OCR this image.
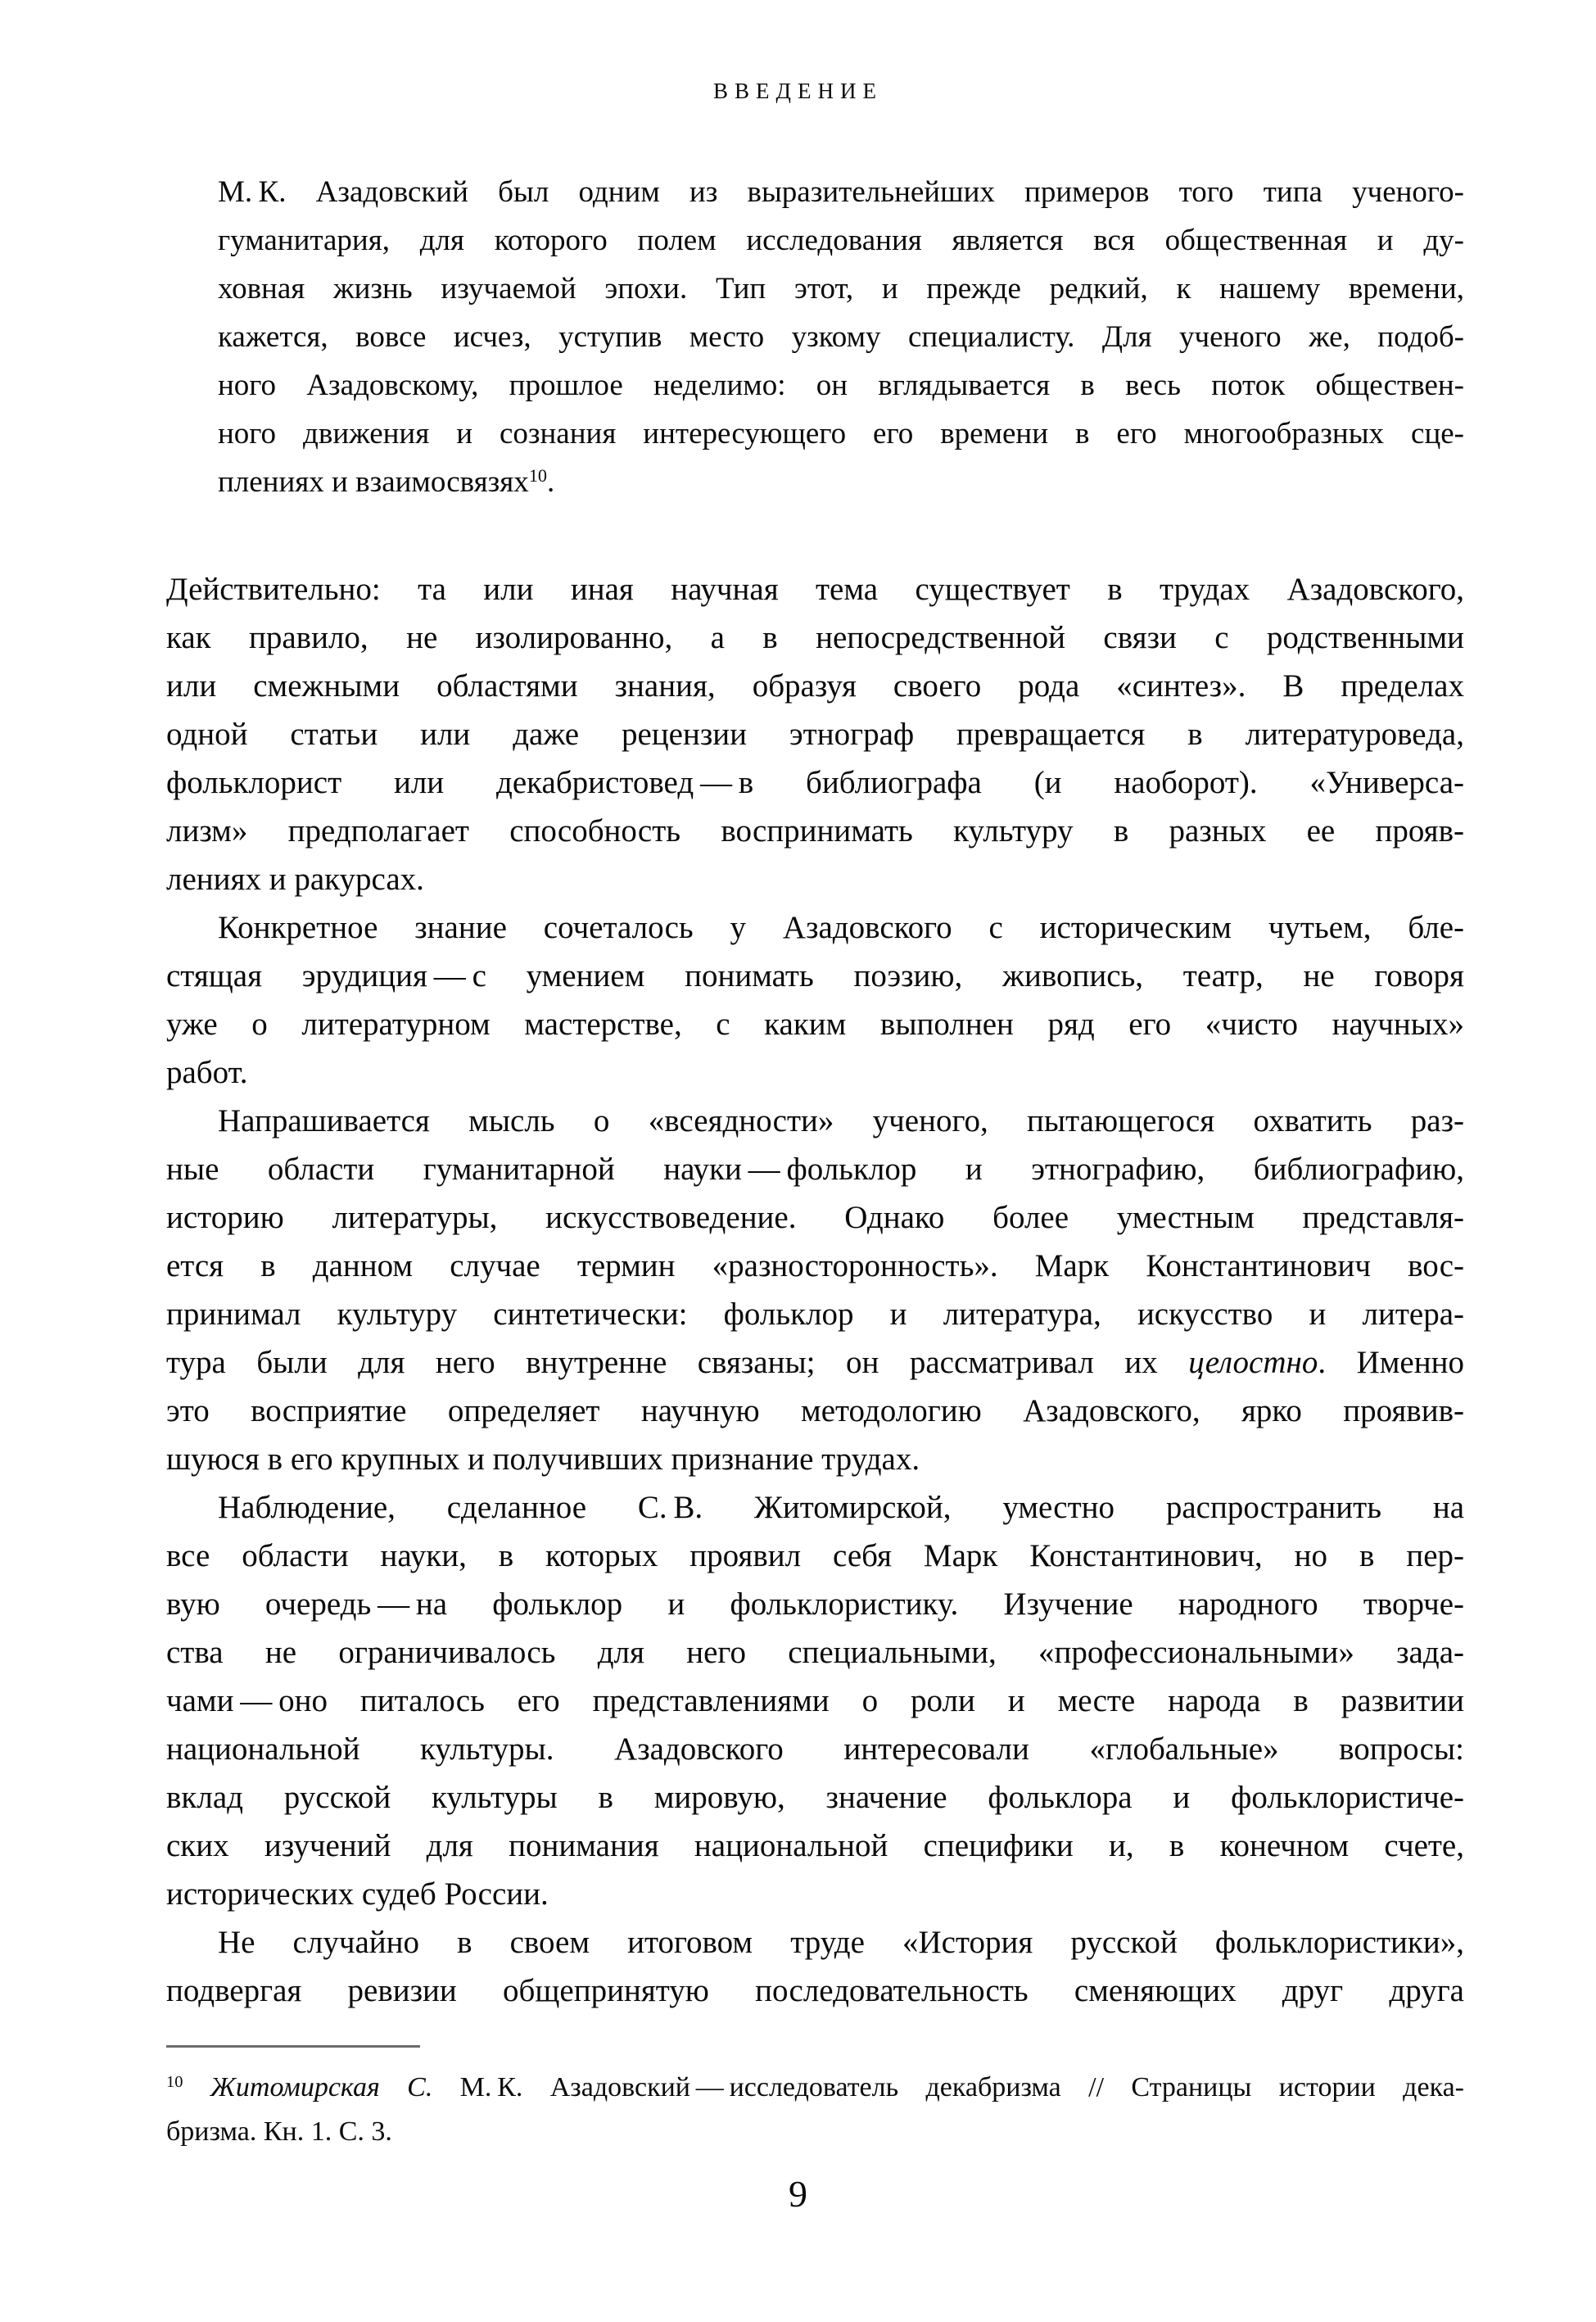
ВВЕДЕНИЕ
М. К. Азадовский был одним из выразительнейших примеров того типа ученого-
гуманитария, для которого полем исследования является вся общественная и ду-
ховная жизнь изучаемой эпохи. Тип этот, и прежде редкий, к нашему времени,
кажется, вовсе исчез, уступив место узкому специалисту. Для ученого же, подоб-
ного Азадовскому, прошлое неделимо: он вглядывается в весь поток обществен-
ного движения и сознания интересующего его времени в его многообразных сце-
плениях и взаимосвязях$^{10}$.
Действительно: та или иная научная тема существует в трудах Азадовского,
как правило, не изолированно, а в непосредственной связи с родственными
или смежными областями знания, образуя своего рода «синтез». В пределах
одной статьи или даже рецензии этнограф превращается в литературоведа,
фольклорист или декабристовед — в библиографа (и наоборот). «Универса-
лизм» предполагает способность воспринимать культуру в разных ее прояв-
лениях и ракурсах.
Конкретное знание сочеталось у Азадовского с историческим чутьем, бле-
стящая эрудиция — с умением понимать поэзию, живопись, театр, не говоря
уже о литературном мастерстве, с каким выполнен ряд его «чисто научных»
работ.
Напрашивается мысль о «всеядности» ученого, пытающегося охватить раз-
ные области гуманитарной науки — фольклор и этнографию, библиографию,
историю литературы, искусствоведение. Однако более уместным представля-
ется в данном случае термин «разносторонность». Марк Константинович вос-
принимал культуру синтетически: фольклор и литература, искусство и литера-
тура были для него внутренне связаны; он рассматривал их целостно. Именно
это восприятие определяет научную методологию Азадовского, ярко проявив-
шуюся в его крупных и получивших признание трудах.
Наблюдение, сделанное С. В. Житомирской, уместно распространить на
все области науки, в которых проявил себя Марк Константинович, но в пер-
вую очередь — на фольклор и фольклористику. Изучение народного творче-
ства не ограничивалось для него специальными, «профессиональными» зада-
чами — оно питалось его представлениями о роли и месте народа в развитии
национальной культуры. Азадовского интересовали «глобальные» вопросы:
вклад русской культуры в мировую, значение фольклора и фольклористиче-
ских изучений для понимания национальной специфики и, в конечном счете,
исторических судеб России.
Не случайно в своем итоговом труде «История русской фольклористики»,
подвергая ревизии общепринятую последовательность сменяющих друг друга
$^{10}$ Житомирская С. М. К. Азадовский — исследователь декабризма // Страницы истории дека-
бризма. Кн. 1. С. 3.
9
